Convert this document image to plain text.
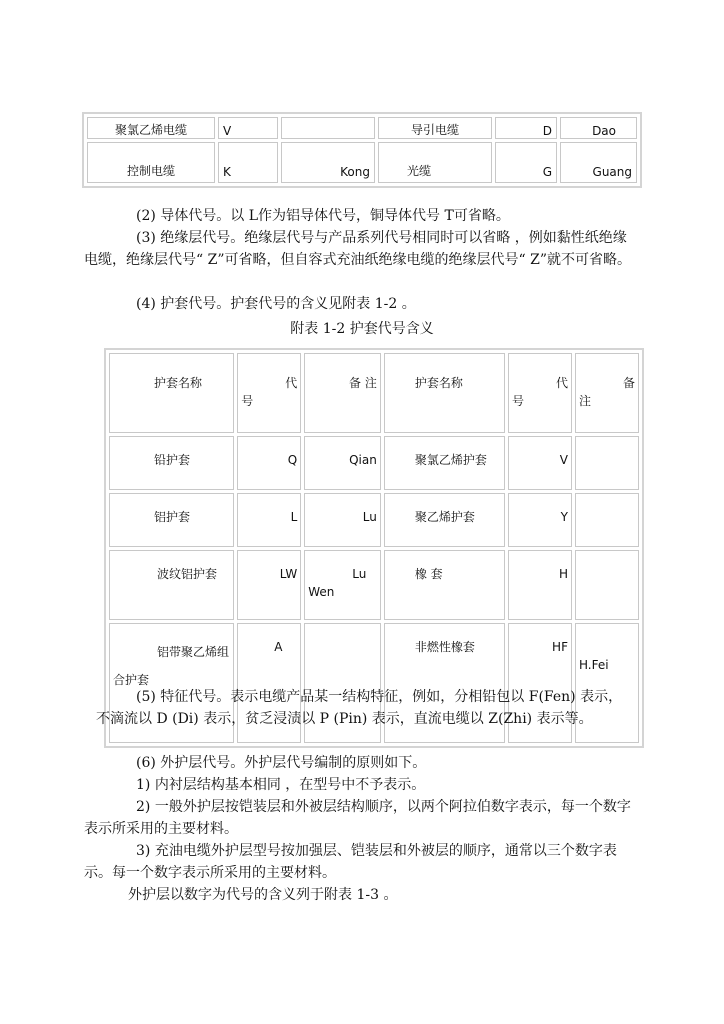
聚氯乙烯电缆	V		导引电缆	D	Dao
控制电缆	K	Kong	光缆	G	Guang

(2) 导体代号。以 L作为铝导体代号，铜导体代号 T可省略。

(3) 绝缘层代号。绝缘层代号与产品系列代号相同时可以省略 ，例如黏性纸绝缘电缆，绝缘层代号“ Z”可省略，但自容式充油纸绝缘电缆的绝缘层代号“ Z”就不可省略。

(4) 护套代号。护套代号的含义见附表 1-2 。

附表 1-2 护套代号含义

护套名称	代号	备 注	护套名称	代号	备注
铅护套	Q	Qian	聚氯乙烯护套	V	
铝护套	L	Lu	聚乙烯护套	Y	
波纹铝护套	LW	Lu Wen	橡 套	H	
铝带聚乙烯组合护套	A		非燃性橡套	HF	H.Fei

(5) 特征代号。表示电缆产品某一结构特征，例如，分相铅包以 F(Fen) 表示，不滴流以 D (Di) 表示，贫乏浸渍以 P (Pin) 表示，直流电缆以 Z(Zhi) 表示等。

(6) 外护层代号。外护层代号编制的原则如下。

1) 内衬层结构基本相同 ，在型号中不予表示。

2) 一般外护层按铠装层和外被层结构顺序，以两个阿拉伯数字表示，每一个数字表示所采用的主要材料。

3) 充油电缆外护层型号按加强层、铠装层和外被层的顺序，通常以三个数字表示。每一个数字表示所采用的主要材料。

外护层以数字为代号的含义列于附表 1-3 。
